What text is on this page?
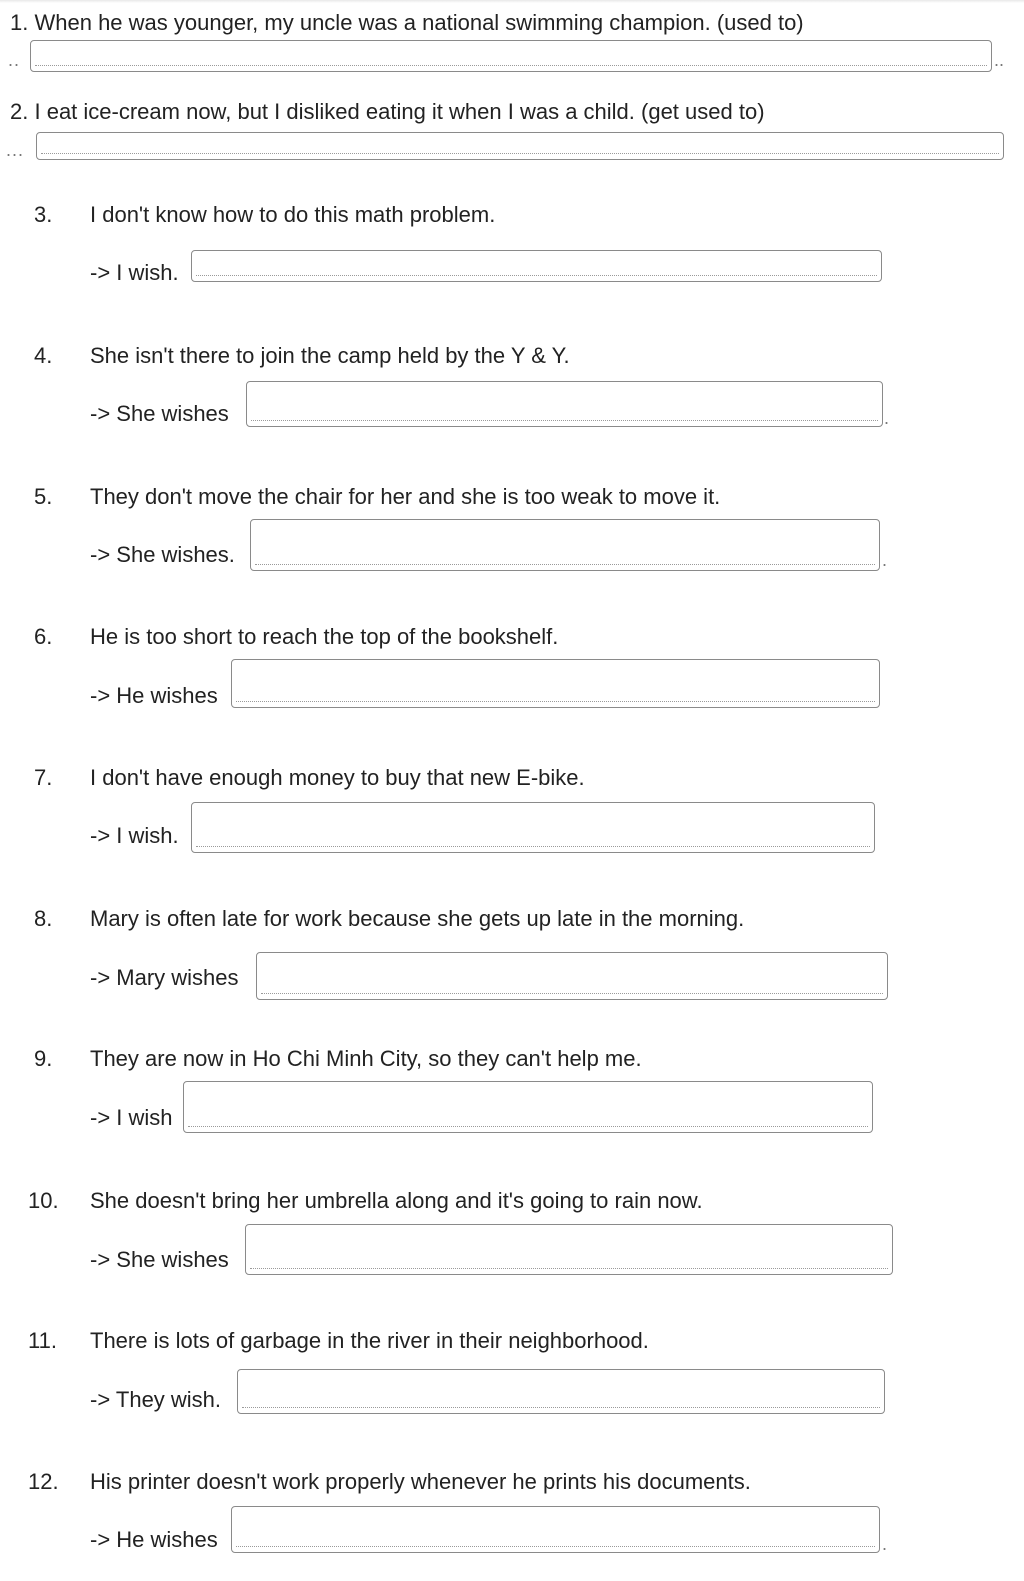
1. When he was younger, my uncle was a national swimming champion. (used to)
..	..
2. I eat ice-cream now, but I disliked eating it when I was a child. (get used to)
...
3. I don't know how to do this math problem.
-> I wish.
4. She isn't there to join the camp held by the Y & Y.
-> She wishes	.
5. They don't move the chair for her and she is too weak to move it.
-> She wishes.	.
6. He is too short to reach the top of the bookshelf.
-> He wishes
7. I don't have enough money to buy that new E-bike.
-> I wish.
8. Mary is often late for work because she gets up late in the morning.
-> Mary wishes
9. They are now in Ho Chi Minh City, so they can't help me.
-> I wish
10. She doesn't bring her umbrella along and it's going to rain now.
-> She wishes
11. There is lots of garbage in the river in their neighborhood.
-> They wish.
12. His printer doesn't work properly whenever he prints his documents.
-> He wishes	.
